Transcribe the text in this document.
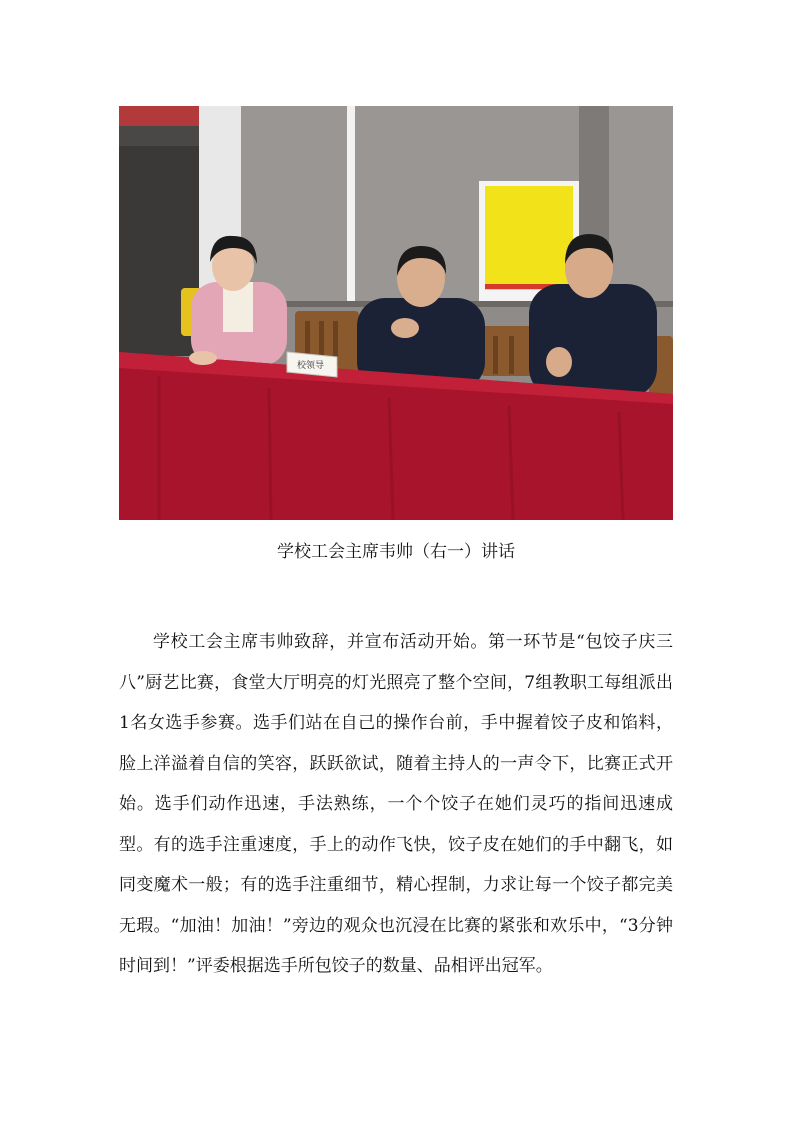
校领导
学校工会主席韦帅（右一）讲话

学校工会主席韦帅致辞，并宣布活动开始。第一环节是“包饺子庆三八”厨艺比赛，食堂大厅明亮的灯光照亮了整个空间，7组教职工每组派出1名女选手参赛。选手们站在自己的操作台前，手中握着饺子皮和馅料，脸上洋溢着自信的笑容，跃跃欲试，随着主持人的一声令下，比赛正式开始。选手们动作迅速，手法熟练，一个个饺子在她们灵巧的指间迅速成型。有的选手注重速度，手上的动作飞快，饺子皮在她们的手中翻飞，如同变魔术一般；有的选手注重细节，精心捏制，力求让每一个饺子都完美无瑕。“加油！加油！”旁边的观众也沉浸在比赛的紧张和欢乐中，“3分钟时间到！”评委根据选手所包饺子的数量、品相评出冠军。
